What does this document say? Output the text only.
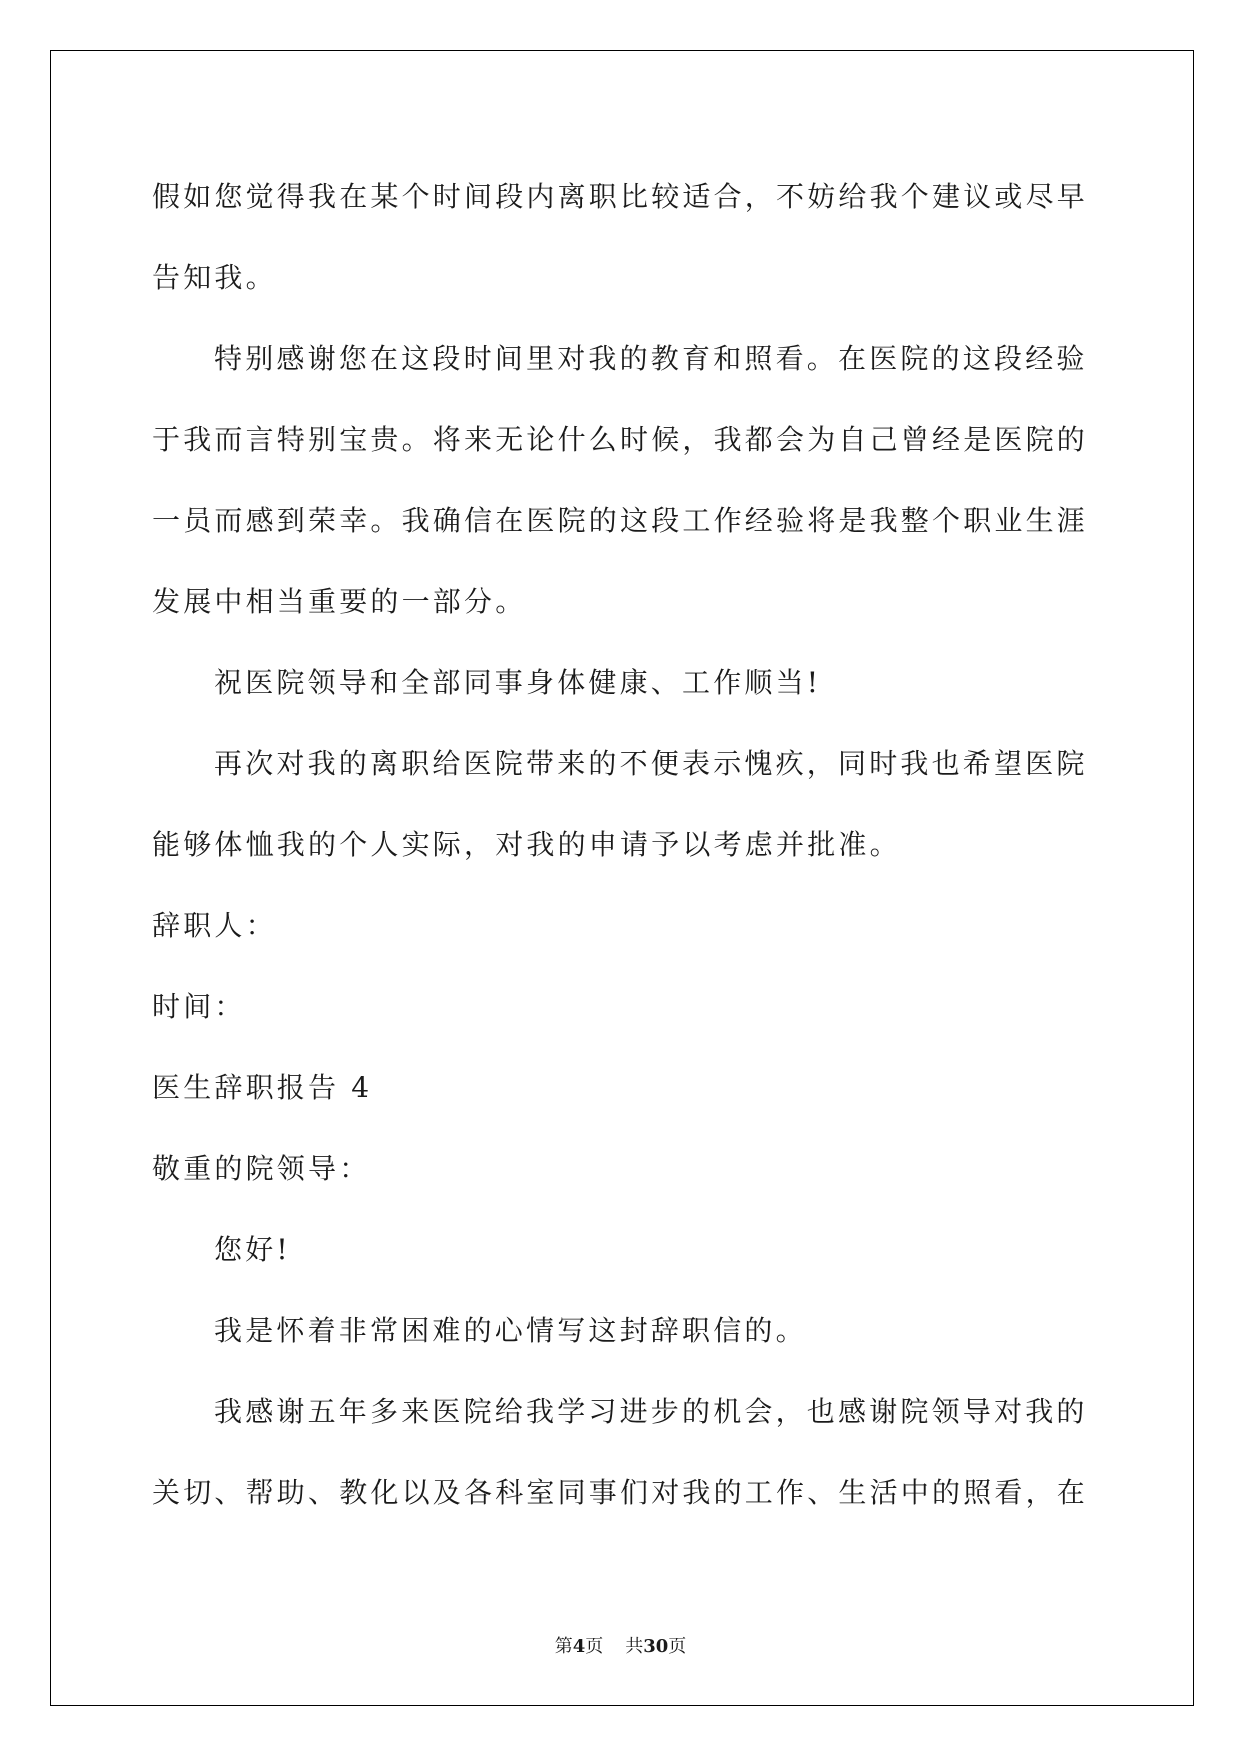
假如您觉得我在某个时间段内离职比较适合，不妨给我个建议或尽早告知我。

特别感谢您在这段时间里对我的教育和照看。在医院的这段经验于我而言特别宝贵。将来无论什么时候，我都会为自己曾经是医院的一员而感到荣幸。我确信在医院的这段工作经验将是我整个职业生涯发展中相当重要的一部分。

祝医院领导和全部同事身体健康、工作顺当!

再次对我的离职给医院带来的不便表示愧疚，同时我也希望医院能够体恤我的个人实际，对我的申请予以考虑并批准。

辞职人：

时间：

医生辞职报告 4

敬重的院领导：

您好!

我是怀着非常困难的心情写这封辞职信的。

我感谢五年多来医院给我学习进步的机会，也感谢院领导对我的关切、帮助、教化以及各科室同事们对我的工作、生活中的照看，在

第4页 共30页
